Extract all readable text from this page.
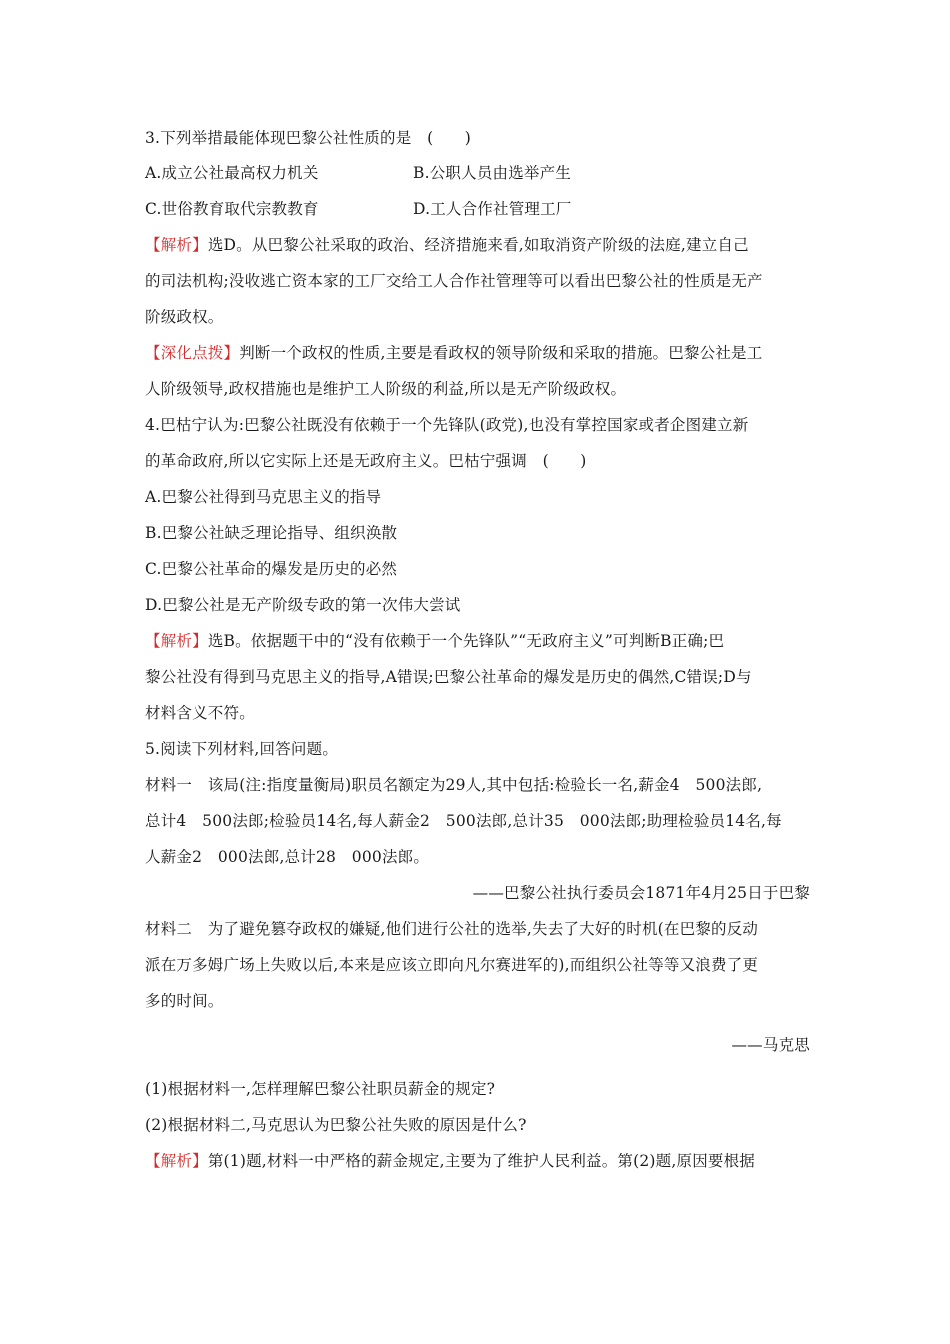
3.下列举措最能体现巴黎公社性质的是　(　　)
A.成立公社最高权力机关	B.公职人员由选举产生
C.世俗教育取代宗教教育	D.工人合作社管理工厂
【解析】选D。从巴黎公社采取的政治、经济措施来看,如取消资产阶级的法庭,建立自己
的司法机构;没收逃亡资本家的工厂交给工人合作社管理等可以看出巴黎公社的性质是无产
阶级政权。
【深化点拨】判断一个政权的性质,主要是看政权的领导阶级和采取的措施。巴黎公社是工
人阶级领导,政权措施也是维护工人阶级的利益,所以是无产阶级政权。
4.巴枯宁认为:巴黎公社既没有依赖于一个先锋队(政党),也没有掌控国家或者企图建立新
的革命政府,所以它实际上还是无政府主义。巴枯宁强调　(　　)
A.巴黎公社得到马克思主义的指导
B.巴黎公社缺乏理论指导、组织涣散
C.巴黎公社革命的爆发是历史的必然
D.巴黎公社是无产阶级专政的第一次伟大尝试
【解析】选B。依据题干中的“没有依赖于一个先锋队”“无政府主义”可判断B正确;巴
黎公社没有得到马克思主义的指导,A错误;巴黎公社革命的爆发是历史的偶然,C错误;D与
材料含义不符。
5.阅读下列材料,回答问题。
材料一　该局(注:指度量衡局)职员名额定为29人,其中包括:检验长一名,薪金4　500法郎,
总计4　500法郎;检验员14名,每人薪金2　500法郎,总计35　000法郎;助理检验员14名,每
人薪金2　000法郎,总计28　000法郎。
——巴黎公社执行委员会1871年4月25日于巴黎
材料二　为了避免篡夺政权的嫌疑,他们进行公社的选举,失去了大好的时机(在巴黎的反动
派在万多姆广场上失败以后,本来是应该立即向凡尔赛进军的),而组织公社等等又浪费了更
多的时间。
——马克思
(1)根据材料一,怎样理解巴黎公社职员薪金的规定?
(2)根据材料二,马克思认为巴黎公社失败的原因是什么?
【解析】第(1)题,材料一中严格的薪金规定,主要为了维护人民利益。第(2)题,原因要根据
